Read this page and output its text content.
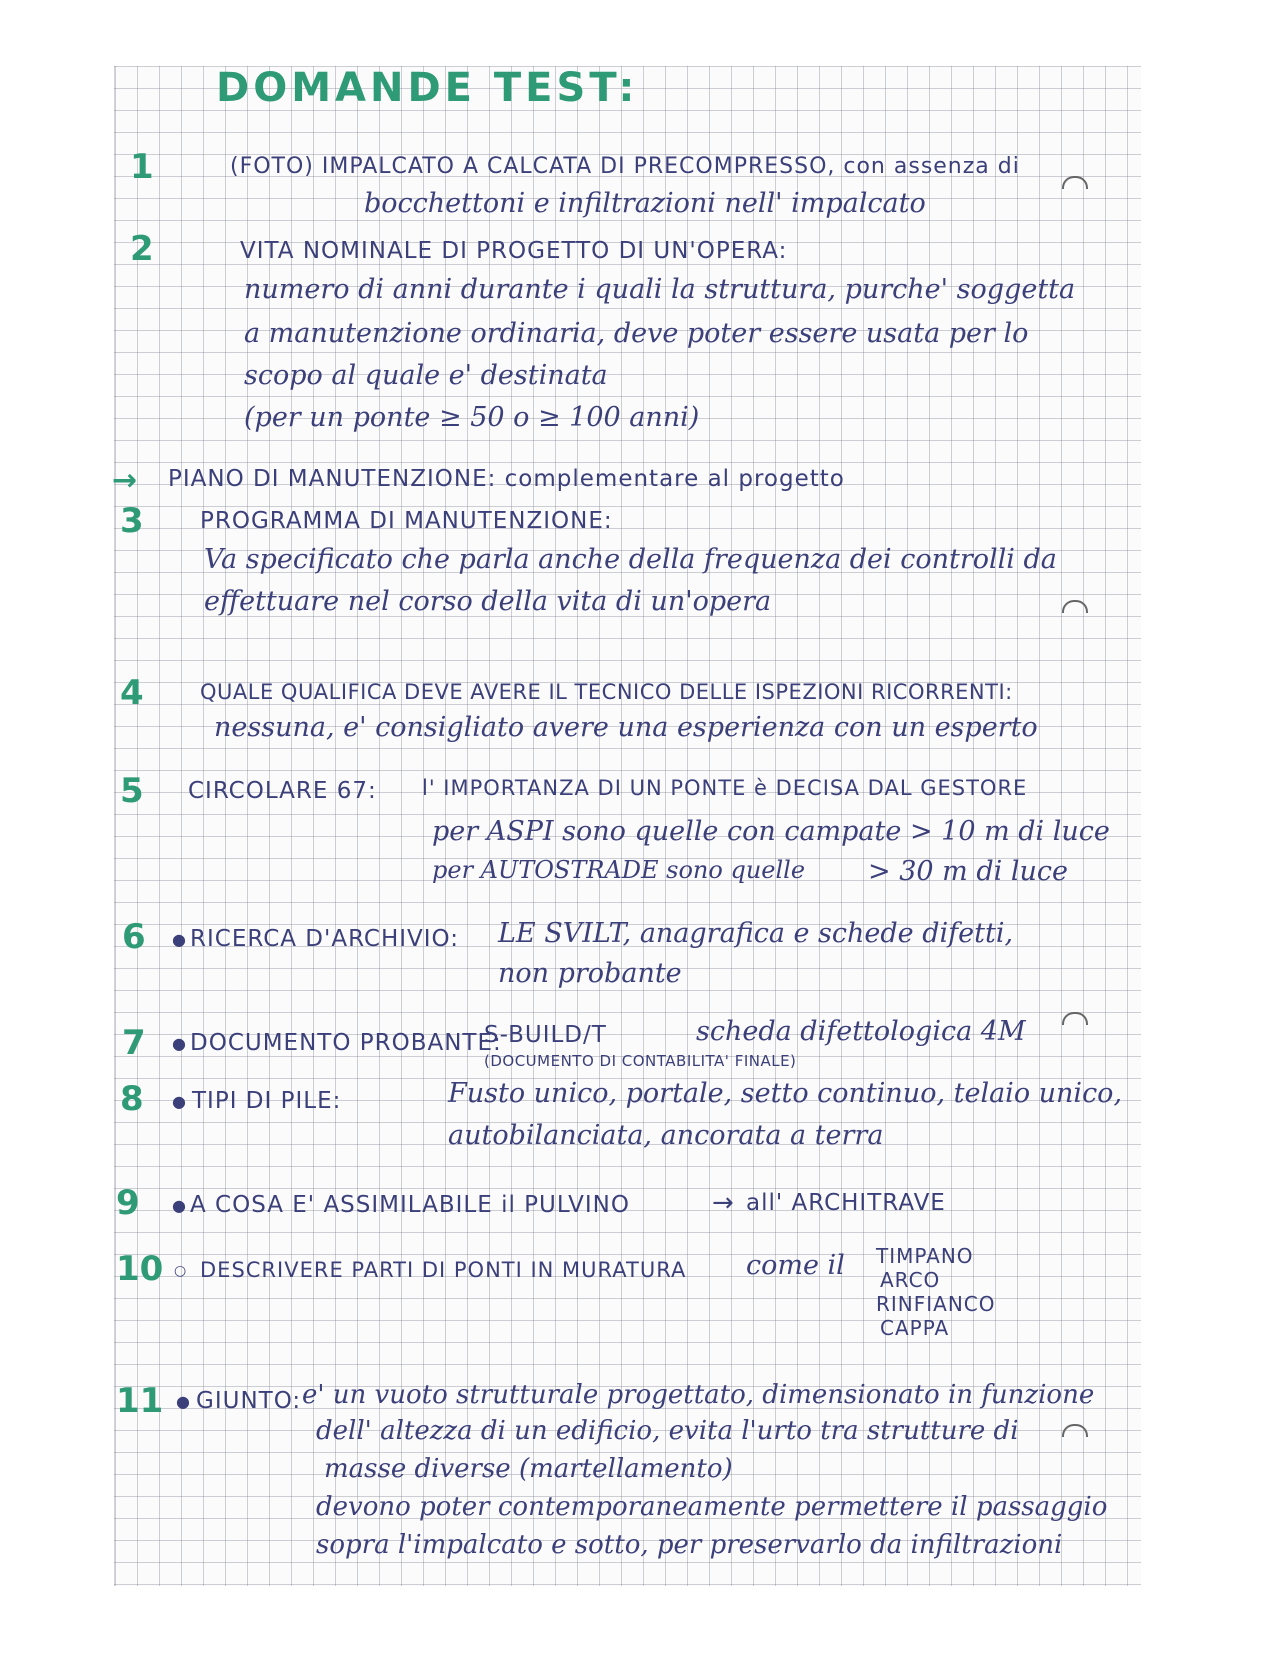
DOMANDE TEST:
1	(FOTO) IMPALCATO A CALCATA DI PRECOMPRESSO, con assenza di
bocchettoni e infiltrazioni nell' impalcato
2	VITA NOMINALE DI PROGETTO DI UN'OPERA:
numero di anni durante i quali la struttura, purche' soggetta
a manutenzione ordinaria, deve poter essere usata per lo
scopo al quale e' destinata
(per un ponte ≥ 50 o ≥ 100 anni)
→ PIANO DI MANUTENZIONE: complementare al progetto
3 PROGRAMMA DI MANUTENZIONE:
Va specificato che parla anche della frequenza dei controlli da
effettuare nel corso della vita di un'opera
4	QUALE QUALIFICA DEVE AVERE IL TECNICO DELLE ISPEZIONI RICORRENTI:
nessuna, e' consigliato avere una esperienza con un esperto
5 CIRCOLARE 67: l' IMPORTANZA DI UN PONTE è DECISA DAL GESTORE
per ASPI sono quelle con campate > 10 m di luce
per AUTOSTRADE sono quelle > 30 m di luce
6 ● RICERCA D'ARCHIVIO: LE SVILT, anagrafica e schede difetti,
non probante
7 ● DOCUMENTO PROBANTE:
S-BUILD/T	scheda difettologica 4M
(DOCUMENTO DI CONTABILITA' FINALE)
8 ● TIPI DI PILE:	Fusto unico, portale, setto continuo, telaio unico,
autobilanciata, ancorata a terra
9 ● A COSA E' ASSIMILABILE il PULVINO	→ all' ARCHITRAVE
10 ○ DESCRIVERE PARTI DI PONTI IN MURATURA come il TIMPANO
ARCO
RINFIANCO
CAPPA
11 ● GIUNTO: e' un vuoto strutturale progettato, dimensionato in funzione
dell' altezza di un edificio, evita l'urto tra strutture di
masse diverse (martellamento)
devono poter contemporaneamente permettere il passaggio
sopra l'impalcato e sotto, per preservarlo da infiltrazioni
